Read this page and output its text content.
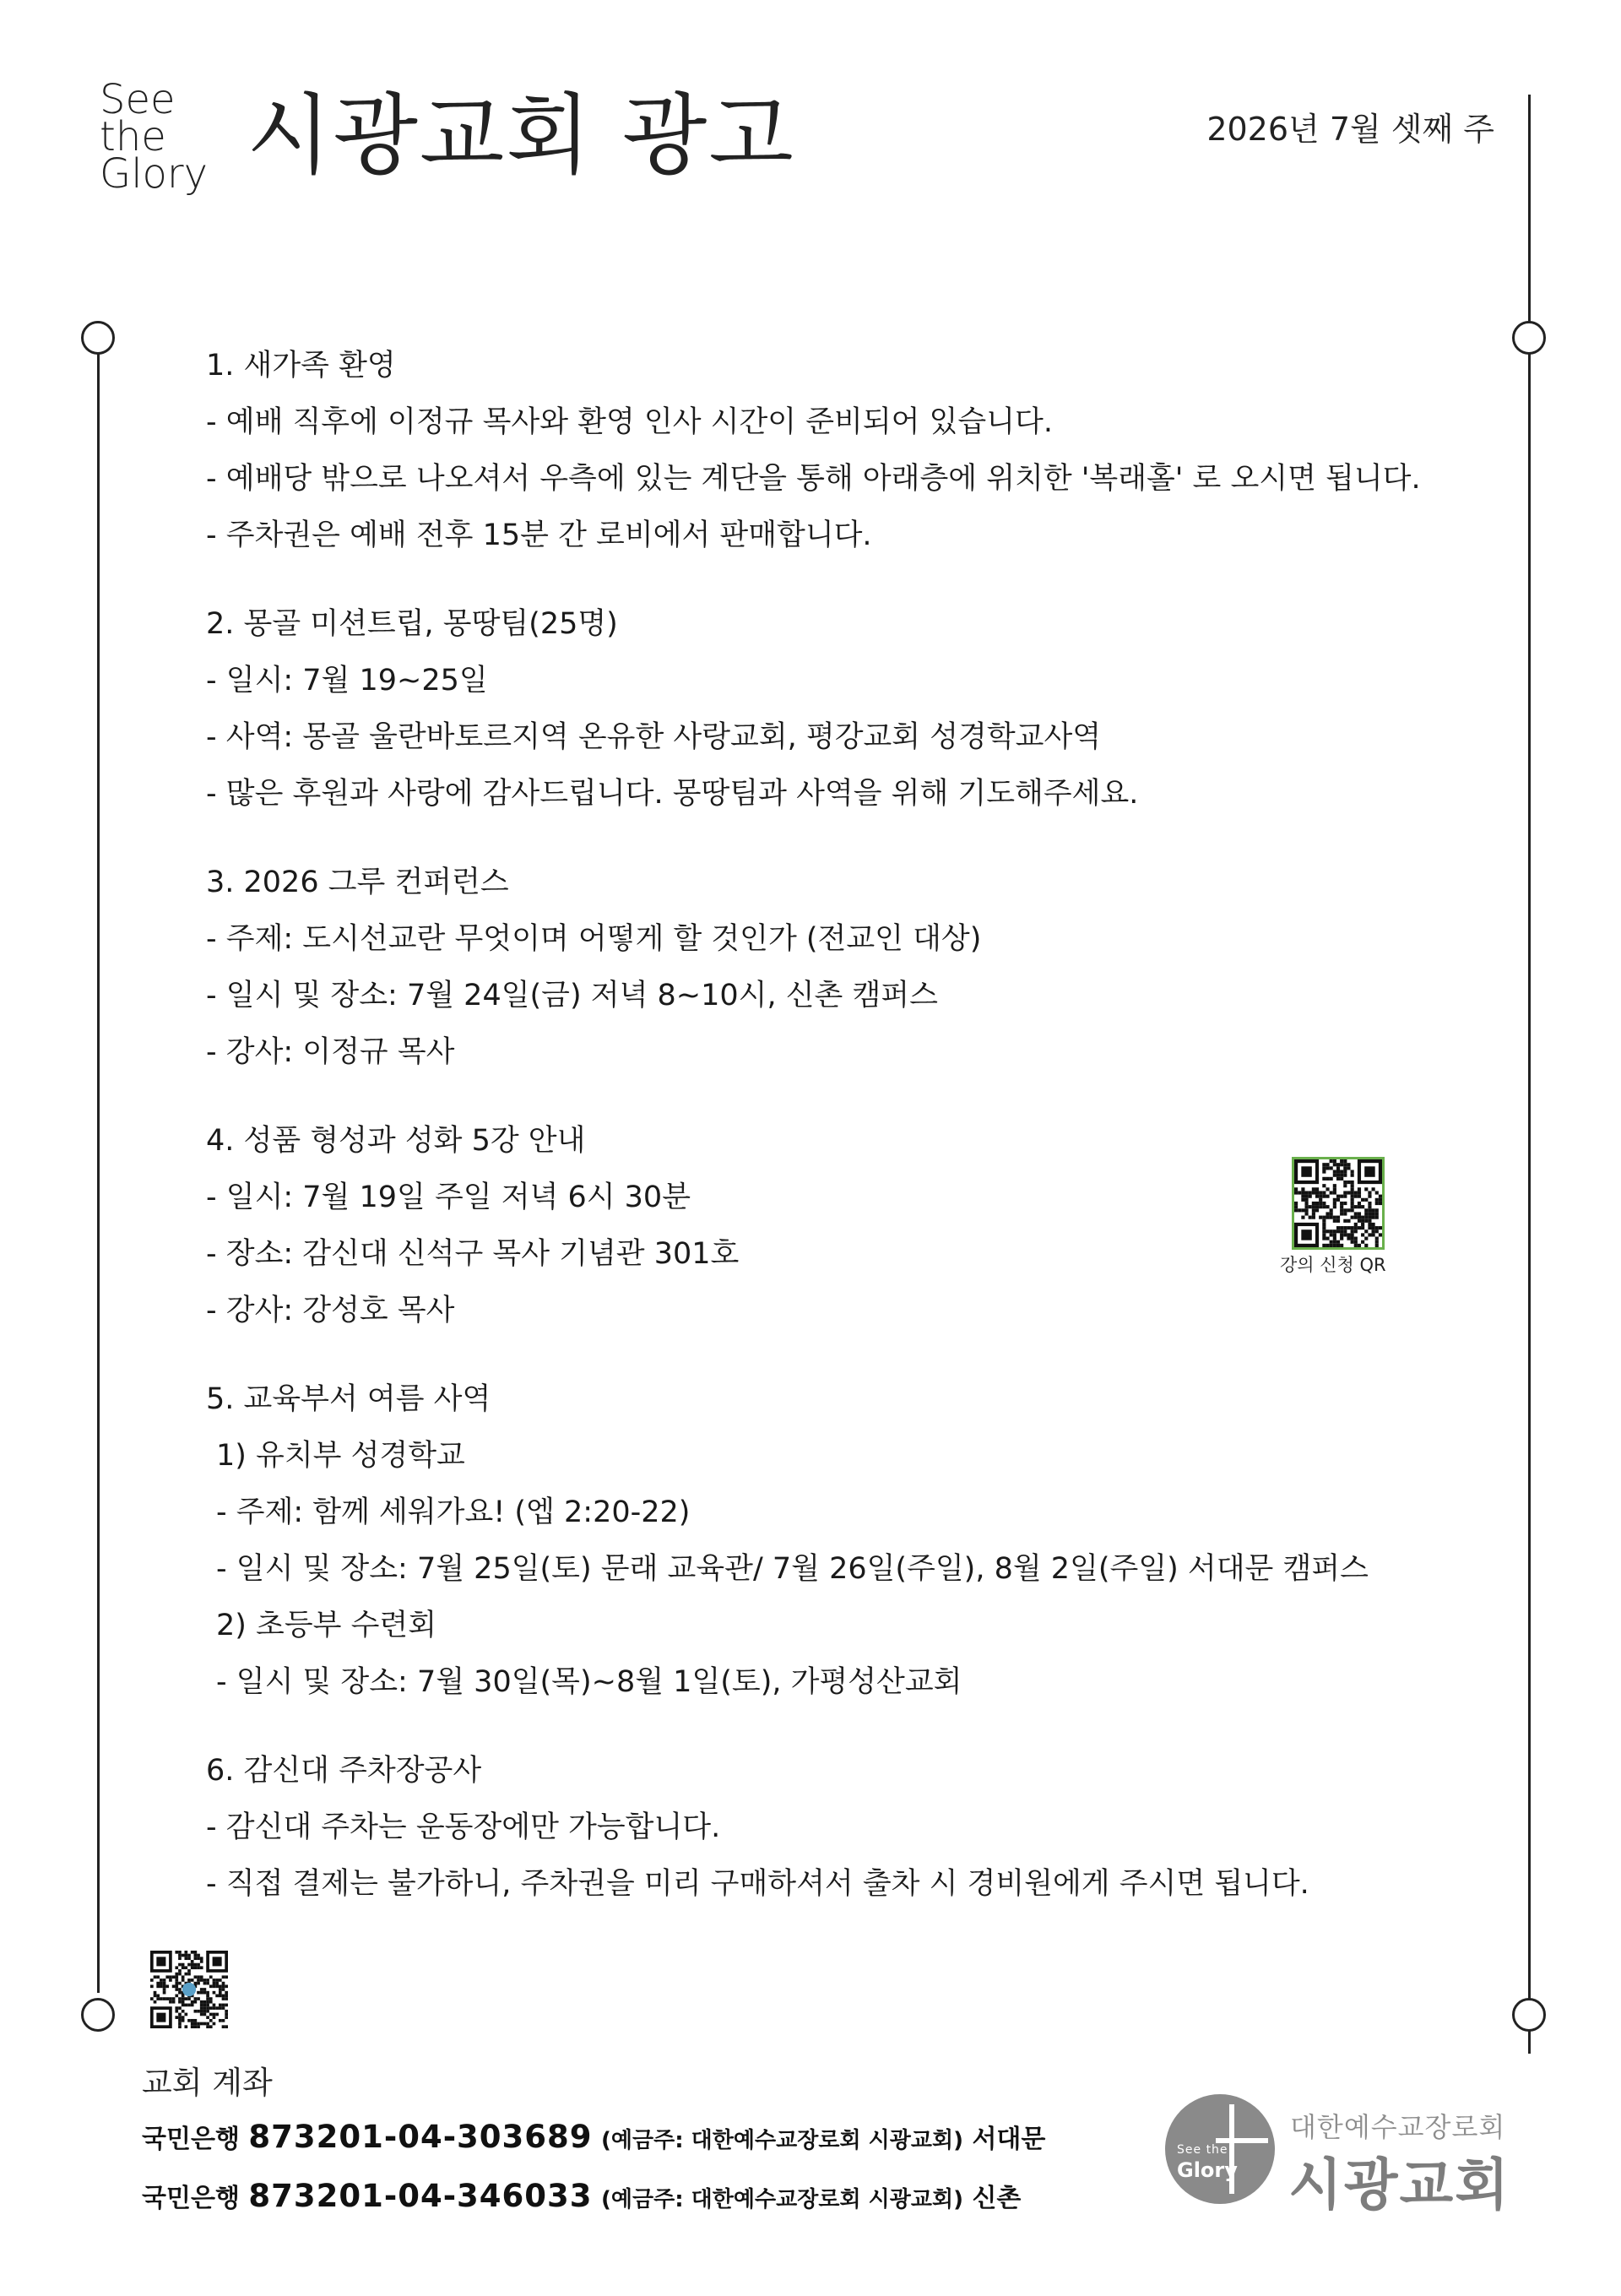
See
the
Glory 시광교회 광고	2026년 7월 셋째 주
1. 새가족 환영
- 예배 직후에 이정규 목사와 환영 인사 시간이 준비되어 있습니다.
- 예배당 밖으로 나오셔서 우측에 있는 계단을 통해 아래층에 위치한 '복래홀' 로 오시면 됩니다.
- 주차권은 예배 전후 15분 간 로비에서 판매합니다.
2. 몽골 미션트립, 몽땅팀(25명)
- 일시: 7월 19~25일
- 사역: 몽골 울란바토르지역 온유한 사랑교회, 평강교회 성경학교사역
- 많은 후원과 사랑에 감사드립니다. 몽땅팀과 사역을 위해 기도해주세요.
3. 2026 그루 컨퍼런스
- 주제: 도시선교란 무엇이며 어떻게 할 것인가 (전교인 대상)
- 일시 및 장소: 7월 24일(금) 저녁 8~10시, 신촌 캠퍼스
- 강사: 이정규 목사
4. 성품 형성과 성화 5강 안내
- 일시: 7월 19일 주일 저녁 6시 30분
- 장소: 감신대 신석구 목사 기념관 301호
- 강사: 강성호 목사
5. 교육부서 여름 사역
1) 유치부 성경학교
- 주제: 함께 세워가요! (엡 2:20-22)
- 일시 및 장소: 7월 25일(토) 문래 교육관/ 7월 26일(주일), 8월 2일(주일) 서대문 캠퍼스
2) 초등부 수련회
- 일시 및 장소: 7월 30일(목)~8월 1일(토), 가평성산교회
6. 감신대 주차장공사
- 감신대 주차는 운동장에만 가능합니다.
- 직접 결제는 불가하니, 주차권을 미리 구매하셔서 출차 시 경비원에게 주시면 됩니다.
강의 신청 QR
교회 계좌
국민은행 873201-04-303689 (예금주: 대한예수교장로회 시광교회) 서대문
국민은행 873201-04-346033 (예금주: 대한예수교장로회 시광교회) 신촌
See the
Glory
대한예수교장로회
시광교회
